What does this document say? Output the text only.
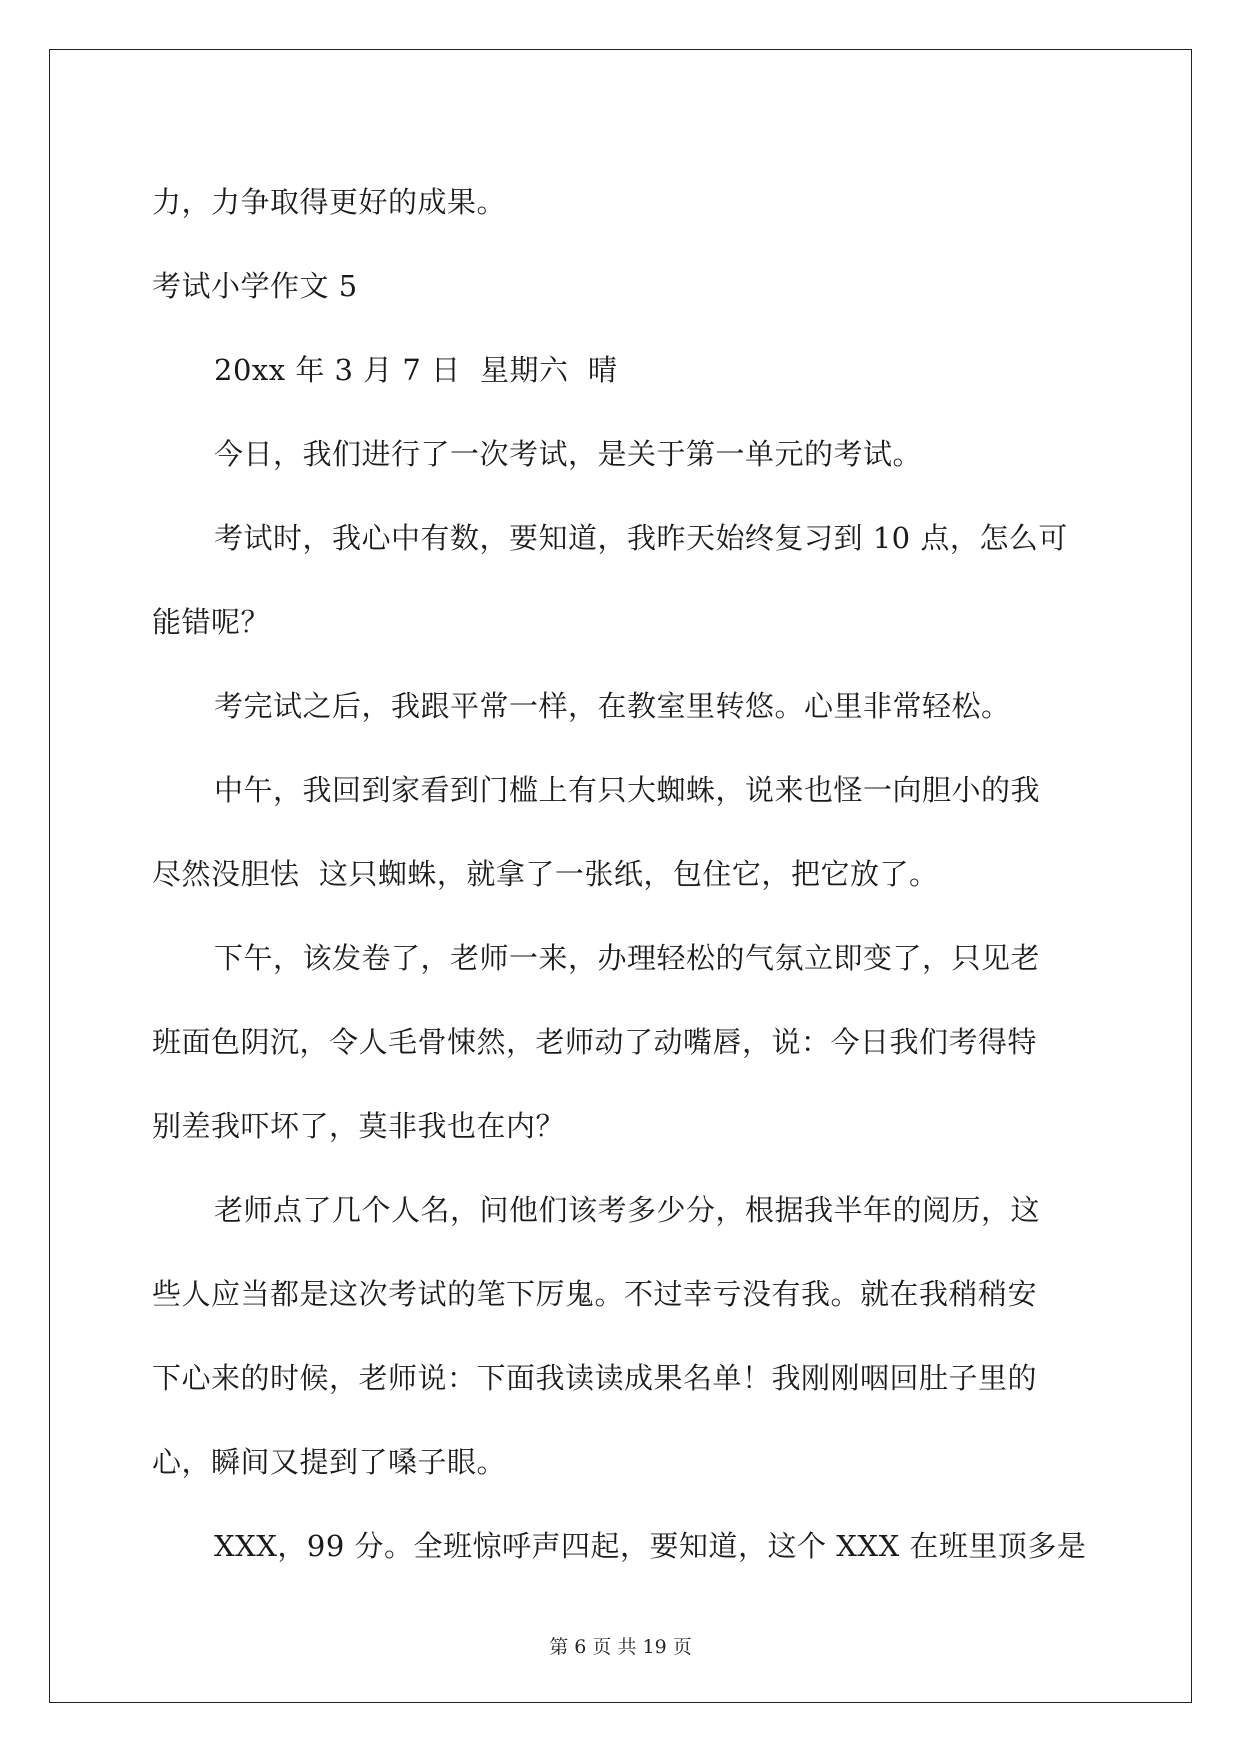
力，力争取得更好的成果。
考试小学作文 5
20xx 年 3 月 7 日  星期六  晴
今日，我们进行了一次考试，是关于第一单元的考试。
考试时，我心中有数，要知道，我昨天始终复习到 10 点，怎么可
能错呢？
考完试之后，我跟平常一样，在教室里转悠。心里非常轻松。
中午，我回到家看到门槛上有只大蜘蛛，说来也怪一向胆小的我
尽然没胆怯  这只蜘蛛，就拿了一张纸，包住它，把它放了。
下午，该发卷了，老师一来，办理轻松的气氛立即变了，只见老
班面色阴沉，令人毛骨悚然，老师动了动嘴唇，说：今日我们考得特
别差我吓坏了，莫非我也在内？
老师点了几个人名，问他们该考多少分，根据我半年的阅历，这
些人应当都是这次考试的笔下厉鬼。不过幸亏没有我。就在我稍稍安
下心来的时候，老师说：下面我读读成果名单！我刚刚咽回肚子里的
心，瞬间又提到了嗓子眼。
XXX，99 分。全班惊呼声四起，要知道，这个 XXX 在班里顶多是
第 6 页 共 19 页
